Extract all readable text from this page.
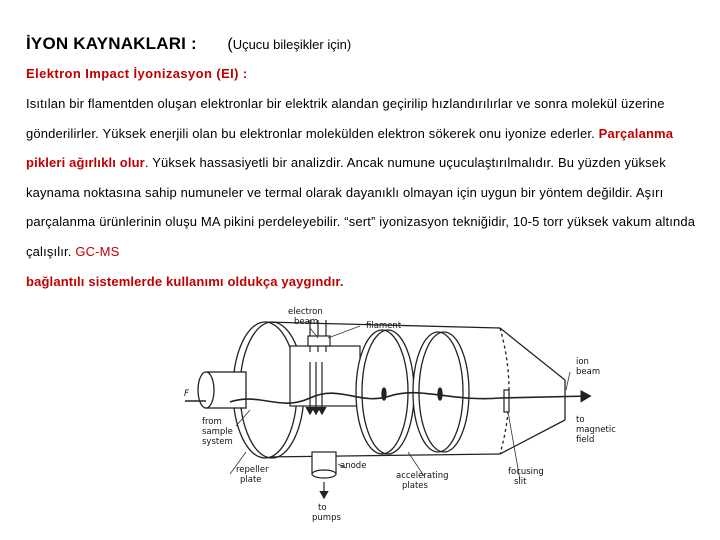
İYON KAYNAKLARI : (Uçucu bileşikler için)
Elektron Impact İyonizasyon (EI) :
Isıtılan bir flamentden oluşan elektronlar bir elektrik alandan geçirilip hızlandırılırlar ve sonra molekül üzerine gönderilirler. Yüksek enerjili olan bu elektronlar molekülden elektron sökerek onu iyonize ederler. Parçalanma pikleri ağırlıklı olur. Yüksek hassasiyetli bir analizdir. Ancak numune uçuculaştırılmalıdır. Bu yüzden yüksek kaynama noktasına sahip numuneler ve termal olarak dayanıklı olmayan için uygun bir yöntem değildir. Aşırı parçalanma ürünlerinin oluşu MA pikini perdeleyebilir. “sert” iyonizasyon tekniğidir, 10-5 torr yüksek vakum altında çalışılır. GC-MS
bağlantılı sistemlerde kullanımı oldukça yaygındır.
electron
beam	filament
ion
beam
F
from
sample
system
to
magnetic
field
repeller
plate
anode
accelerating
plates
focusing
slit
to
pumps
